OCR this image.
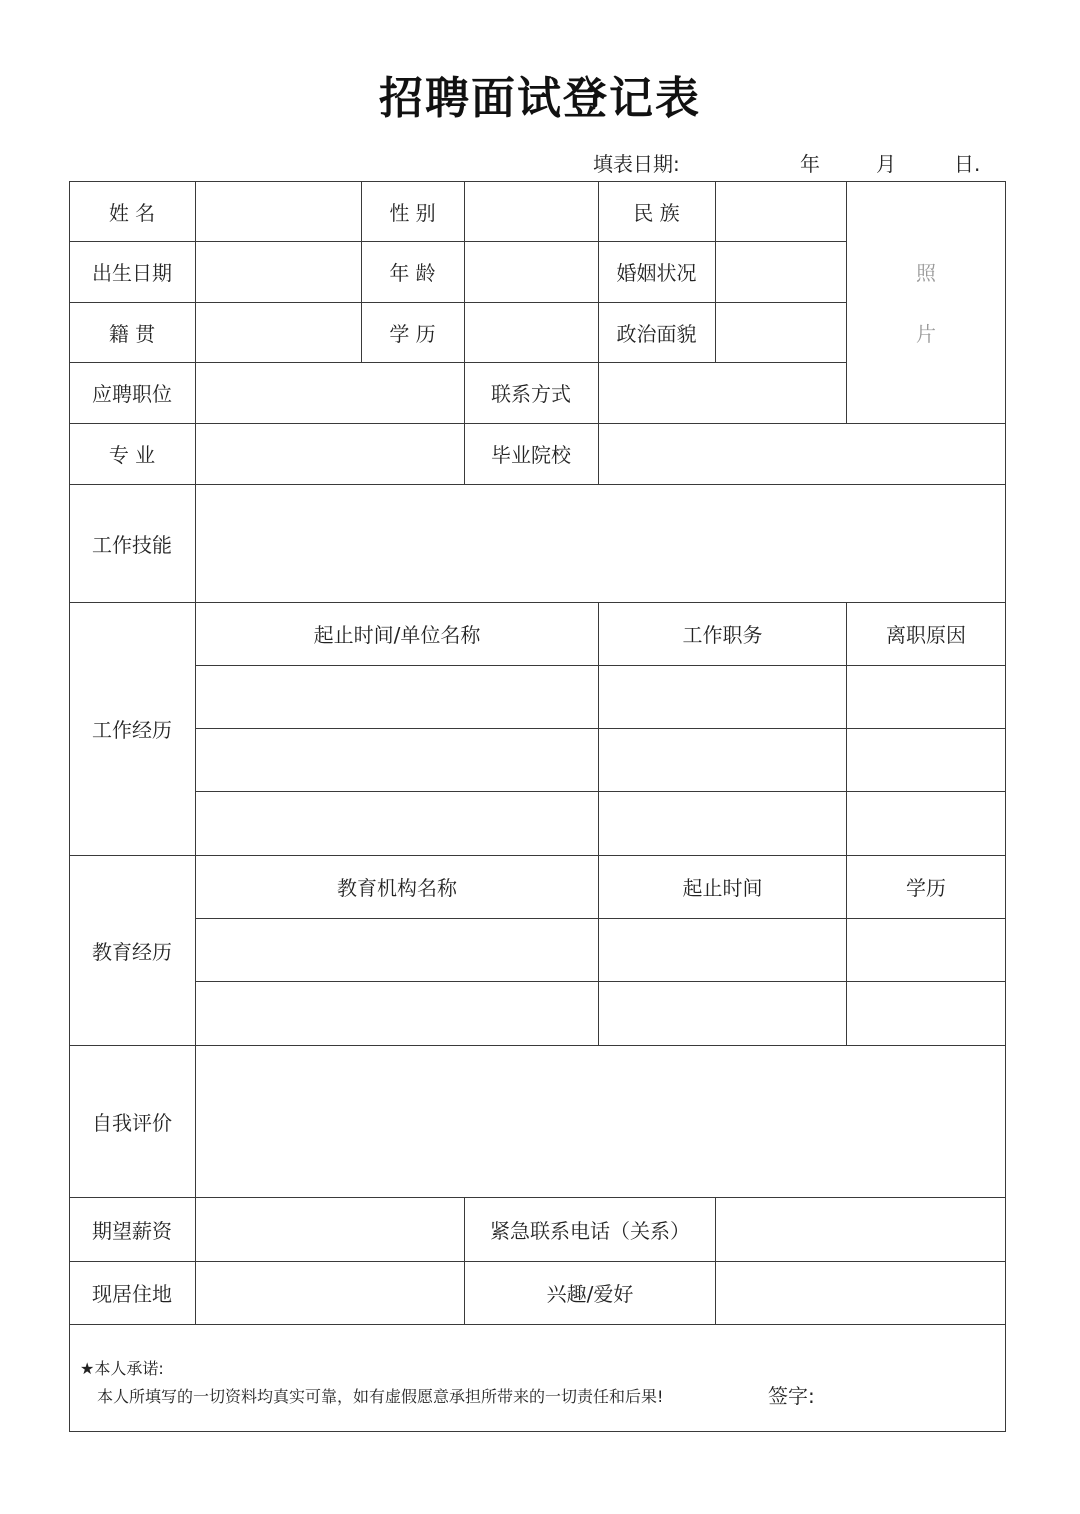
招聘面试登记表
填表日期:	年	月	日.
姓 名	性 别	民 族
出生日期	年 龄	婚姻状况
籍 贯	学 历	政治面貌
照
片
应聘职位	联系方式
专 业	毕业院校
工作技能
工作经历
起止时间/单位名称	工作职务	离职原因
教育经历
教育机构名称	起止时间	学历
自我评价
期望薪资	紧急联系电话（关系）
现居住地	兴趣/爱好
★本人承诺:
本人所填写的一切资料均真实可靠，如有虚假愿意承担所带来的一切责任和后果!	签字:
